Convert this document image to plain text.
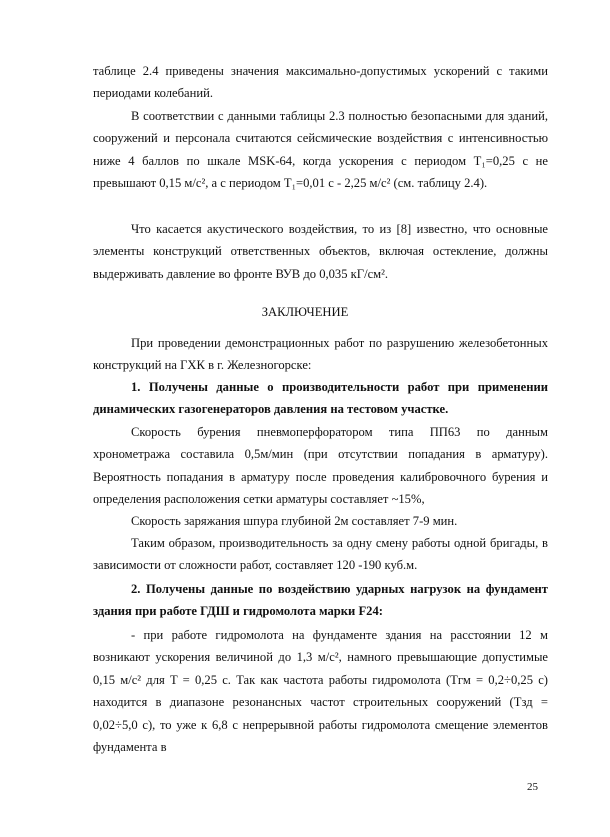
таблице 2.4 приведены значения максимально-допустимых ускорений с такими периодами колебаний.

В соответствии с данными таблицы 2.3 полностью безопасными для зданий, сооружений и персонала считаются сейсмические воздействия с интенсивностью ниже 4 баллов по шкале MSK-64, когда ускорения с периодом T₁=0,25 с не превышают 0,15 м/с², а с периодом T₁=0,01 с - 2,25 м/с² (см. таблицу 2.4).

Что касается акустического воздействия, то из [8] известно, что основные элементы конструкций ответственных объектов, включая остекление, должны выдерживать давление во фронте ВУВ до 0,035 кГ/см².

ЗАКЛЮЧЕНИЕ

При проведении демонстрационных работ по разрушению железобетонных конструкций на ГХК в г. Железногорске:

1. Получены данные о производительности работ при применении динамических газогенераторов давления на тестовом участке.

Скорость бурения пневмоперфоратором типа ПП63 по данным хронометража составила 0,5м/мин (при отсутствии попадания в арматуру). Вероятность попадания в арматуру после проведения калибровочного бурения и определения расположения сетки арматуры составляет ~15%,

Скорость заряжания шпура глубиной 2м составляет 7-9 мин.

Таким образом, производительность за одну смену работы одной бригады, в зависимости от сложности работ, составляет 120 -190 куб.м.

2. Получены данные по воздействию ударных нагрузок на фундамент здания при работе ГДШ и гидромолота марки F24:

- при работе гидромолота на фундаменте здания на расстоянии 12 м возникают ускорения величиной до 1,3 м/с², намного превышающие допустимые 0,15 м/с² для T = 0,25 с. Так как частота работы гидромолота (Tгм = 0,2÷0,25 с) находится в диапазоне резонансных частот строительных сооружений (Tзд = 0,02÷5,0 с), то уже к 6,8 с непрерывной работы гидромолота смещение элементов фундамента в

25
